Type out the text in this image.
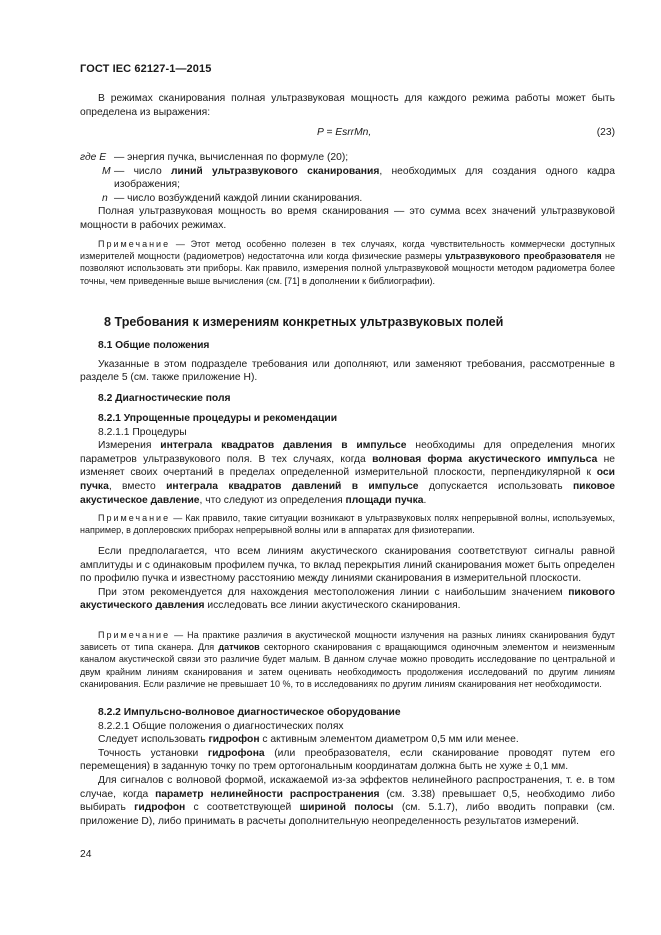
ГОСТ IEC 62127-1—2015

В режимах сканирования полная ультразвуковая мощность для каждого режима работы может быть определена из выражения:

P = EsrrMn,	(23)
где E — энергия пучка, вычисленная по формуле (20);
M — число линий ультразвукового сканирования, необходимых для создания одного кадра изображения;
n — число возбуждений каждой линии сканирования.

Полная ультразвуковая мощность во время сканирования — это сумма всех значений ультразвуковой мощности в рабочих режимах.

Примечание — Этот метод особенно полезен в тех случаях, когда чувствительность коммерчески доступных измерителей мощности (радиометров) недостаточна или когда физические размеры ультразвукового преобразователя не позволяют использовать эти приборы. Как правило, измерения полной ультразвуковой мощности методом радиометра более точны, чем приведенные выше вычисления (см. [71] в дополнении к библиографии).

8 Требования к измерениям конкретных ультразвуковых полей
8.1 Общие положения

Указанные в этом подразделе требования или дополняют, или заменяют требования, рассмотренные в разделе 5 (см. также приложение Н).

8.2 Диагностические поля
8.2.1 Упрощенные процедуры и рекомендации

8.2.1.1 Процедуры

Измерения интеграла квадратов давления в импульсе необходимы для определения многих параметров ультразвукового поля. В тех случаях, когда волновая форма акустического импульса не изменяет своих очертаний в пределах определенной измерительной плоскости, перпендикулярной к оси пучка, вместо интеграла квадратов давлений в импульсе допускается использовать пиковое акустическое давление, что следуют из определения площади пучка.

Примечание — Как правило, такие ситуации возникают в ультразвуковых полях непрерывной волны, используемых, например, в доплеровских приборах непрерывной волны или в аппаратах для физиотерапии.

Если предполагается, что всем линиям акустического сканирования соответствуют сигналы равной амплитуды и с одинаковым профилем пучка, то вклад перекрытия линий сканирования может быть определен по профилю пучка и известному расстоянию между линиями сканирования в измерительной плоскости.

При этом рекомендуется для нахождения местоположения линии с наибольшим значением пикового акустического давления исследовать все линии акустического сканирования.

Примечание — На практике различия в акустической мощности излучения на разных линиях сканирования будут зависеть от типа сканера. Для датчиков секторного сканирования с вращающимся одиночным элементом и неизменным каналом акустической связи это различие будет малым. В данном случае можно проводить исследование по центральной и двум крайним линиям сканирования и затем оценивать необходимость продолжения исследований по другим линиям сканирования. Если различие не превышает 10 %, то в исследованиях по другим линиям сканирования нет необходимости.

8.2.2 Импульсно-волновое диагностическое оборудование

8.2.2.1 Общие положения о диагностических полях

Следует использовать гидрофон с активным элементом диаметром 0,5 мм или менее.

Точность установки гидрофона (или преобразователя, если сканирование проводят путем его перемещения) в заданную точку по трем ортогональным координатам должна быть не хуже ± 0,1 мм.

Для сигналов с волновой формой, искажаемой из-за эффектов нелинейного распространения, т. е. в том случае, когда параметр нелинейности распространения (см. 3.38) превышает 0,5, необходимо либо выбирать гидрофон с соответствующей шириной полосы (см. 5.1.7), либо вводить поправки (см. приложение D), либо принимать в расчеты дополнительную неопределенность результатов измерений.

24
